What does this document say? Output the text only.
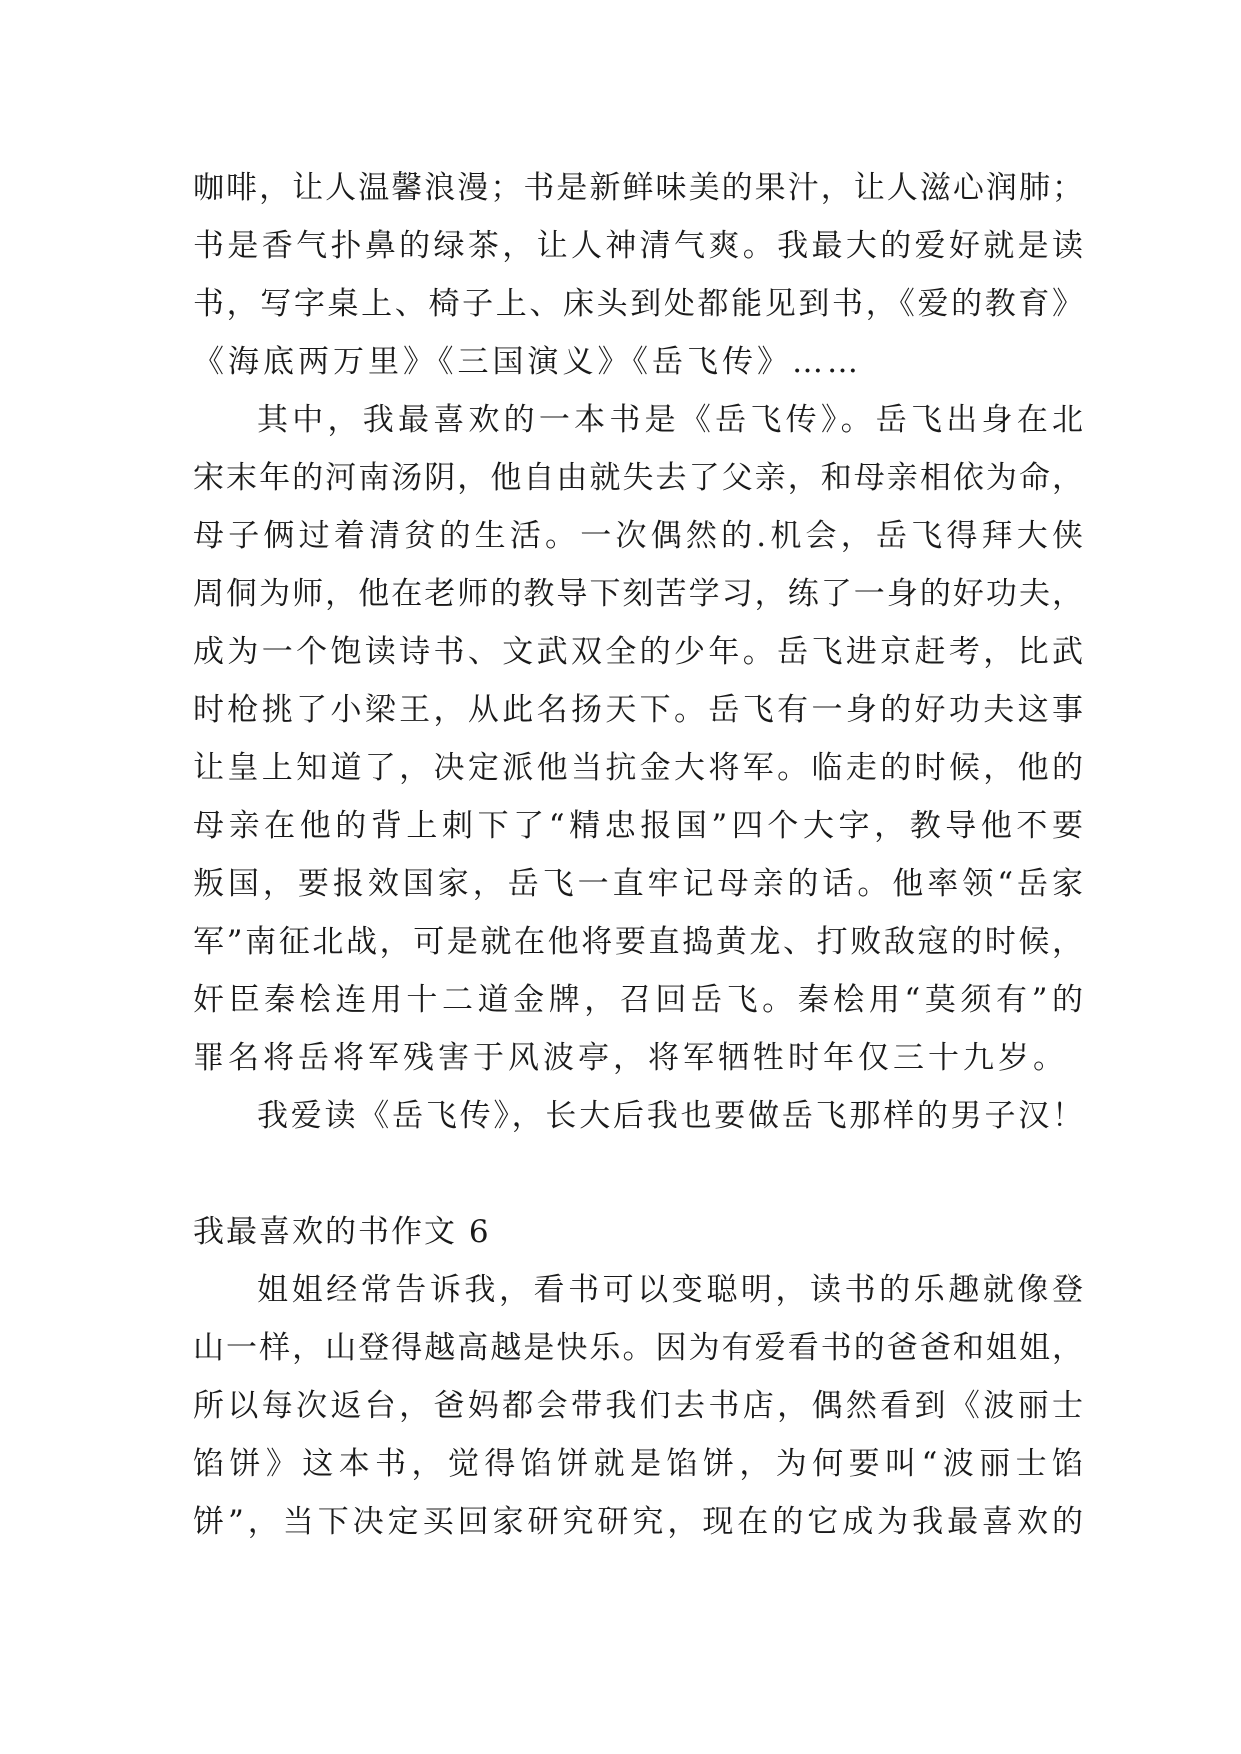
咖啡，让人温馨浪漫；书是新鲜味美的果汁，让人滋心润肺；
书是香气扑鼻的绿茶，让人神清气爽。我最大的爱好就是读
书，写字桌上、椅子上、床头到处都能见到书，《爱的教育》
《海底两万里》《三国演义》《岳飞传》……
其中，我最喜欢的一本书是《岳飞传》。岳飞出身在北
宋末年的河南汤阴，他自由就失去了父亲，和母亲相依为命，
母子俩过着清贫的生活。一次偶然的.机会，岳飞得拜大侠
周侗为师，他在老师的教导下刻苦学习，练了一身的好功夫，
成为一个饱读诗书、文武双全的少年。岳飞进京赶考，比武
时枪挑了小梁王，从此名扬天下。岳飞有一身的好功夫这事
让皇上知道了，决定派他当抗金大将军。临走的时候，他的
母亲在他的背上刺下了“精忠报国”四个大字，教导他不要
叛国，要报效国家，岳飞一直牢记母亲的话。他率领“岳家
军”南征北战，可是就在他将要直捣黄龙、打败敌寇的时候，
奸臣秦桧连用十二道金牌，召回岳飞。秦桧用“莫须有”的
罪名将岳将军残害于风波亭，将军牺牲时年仅三十九岁。
我爱读《岳飞传》，长大后我也要做岳飞那样的男子汉！
我最喜欢的书作文 6
姐姐经常告诉我，看书可以变聪明，读书的乐趣就像登
山一样，山登得越高越是快乐。因为有爱看书的爸爸和姐姐，
所以每次返台，爸妈都会带我们去书店，偶然看到《波丽士
馅饼》这本书，觉得馅饼就是馅饼，为何要叫“波丽士馅
饼”，当下决定买回家研究研究，现在的它成为我最喜欢的
